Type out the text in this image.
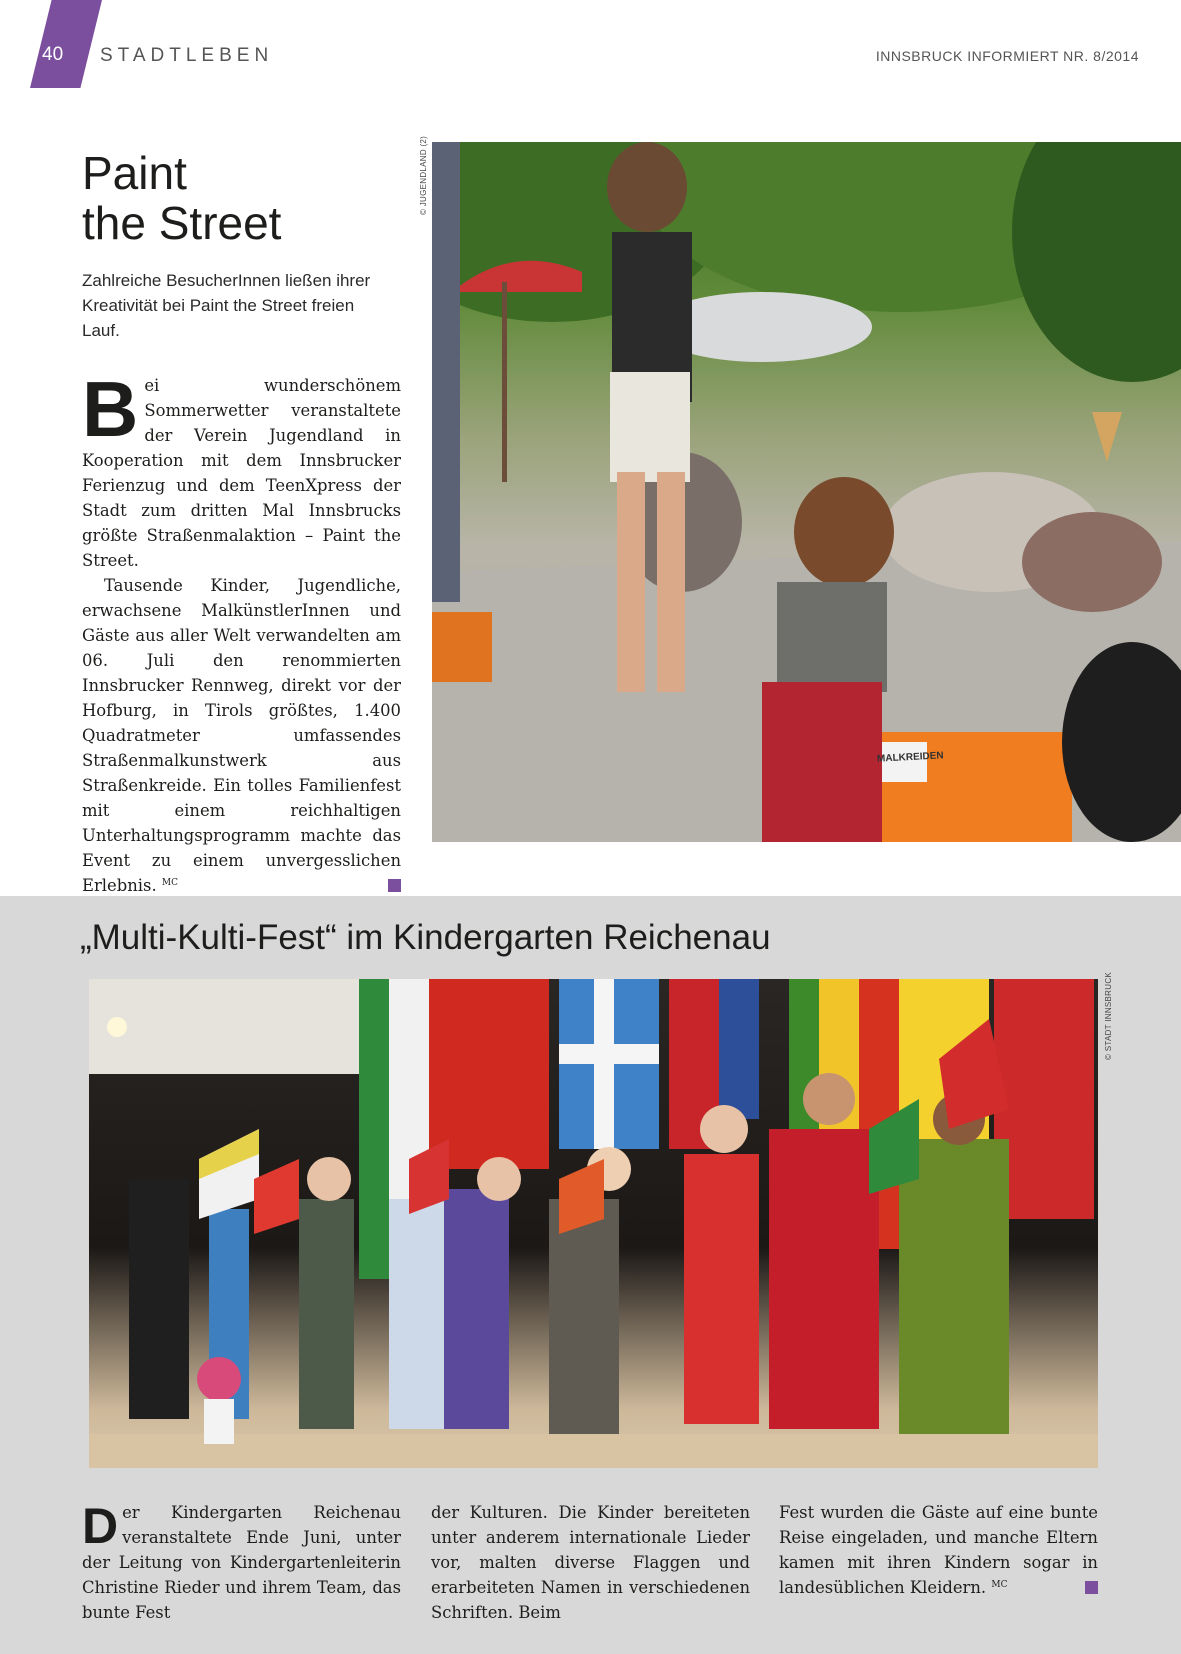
40 STADTLEBEN	INNSBRUCK INFORMIERT NR. 8/2014
Paint
the Street
Zahlreiche BesucherInnen ließen ihrer Kreativität bei Paint the Street freien Lauf.

Bei wunderschönem Sommerwetter veranstaltete der Verein Jugendland in Kooperation mit dem Innsbrucker Ferienzug und dem TeenXpress der Stadt zum dritten Mal Innsbrucks größte Straßenmalaktion – Paint the Street.

Tausende Kinder, Jugendliche, erwachsene MalkünstlerInnen und Gäste aus aller Welt verwandelten am 06. Juli den renommierten Innsbrucker Rennweg, direkt vor der Hofburg, in Tirols größtes, 1.400 Quadratmeter umfassendes Straßenmalkunstwerk aus Straßenkreide. Ein tolles Familienfest mit einem reichhaltigen Unterhaltungsprogramm machte das Event zu einem unvergesslichen Erlebnis. $^{MC}$

© JUGENDLAND (2)
MALKREIDEN
„Multi-Kulti-Fest“ im Kindergarten Reichenau
© STADT INNSBRUCK

Der Kindergarten Reichenau veranstaltete Ende Juni, unter der Leitung von Kindergartenleiterin Christine Rieder und ihrem Team, das bunte Fest

der Kulturen. Die Kinder bereiteten unter anderem internationale Lieder vor, malten diverse Flaggen und erarbeiteten Namen in verschiedenen Schriften. Beim

Fest wurden die Gäste auf eine bunte Reise eingeladen, und manche Eltern kamen mit ihren Kindern sogar in landesüblichen Kleidern. $^{MC}$
